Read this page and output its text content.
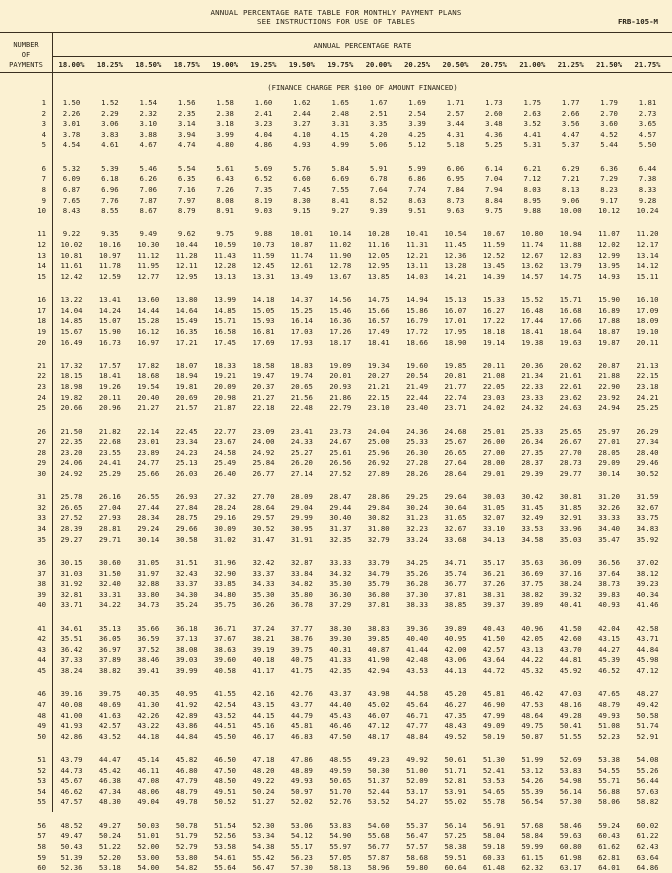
ANNUAL PERCENTAGE RATE TABLE FOR MONTHLY PAYMENT PLANS
SEE INSTRUCTIONS FOR USE OF TABLES	FRB-105-M
NUMBER
OF
PAYMENTS
ANNUAL PERCENTAGE RATE
18.00%	18.25%	18.50%	18.75%	19.00%	19.25%	19.50%	19.75%	20.00%	20.25%	20.50%	20.75%	21.00%	21.25%	21.50%	21.75%
(FINANCE CHARGE PER $100 OF AMOUNT FINANCED)
1	1.50	1.52	1.54	1.56	1.58	1.60	1.62	1.65	1.67	1.69	1.71	1.73	1.75	1.77	1.79	1.81
2	2.26	2.29	2.32	2.35	2.38	2.41	2.44	2.48	2.51	2.54	2.57	2.60	2.63	2.66	2.70	2.73
3	3.01	3.06	3.10	3.14	3.18	3.23	3.27	3.31	3.35	3.39	3.44	3.48	3.52	3.56	3.60	3.65
4	3.78	3.83	3.88	3.94	3.99	4.04	4.10	4.15	4.20	4.25	4.31	4.36	4.41	4.47	4.52	4.57
5	4.54	4.61	4.67	4.74	4.80	4.86	4.93	4.99	5.06	5.12	5.18	5.25	5.31	5.37	5.44	5.50
6	5.32	5.39	5.46	5.54	5.61	5.69	5.76	5.84	5.91	5.99	6.06	6.14	6.21	6.29	6.36	6.44
7	6.09	6.18	6.26	6.35	6.43	6.52	6.60	6.69	6.78	6.86	6.95	7.04	7.12	7.21	7.29	7.38
8	6.87	6.96	7.06	7.16	7.26	7.35	7.45	7.55	7.64	7.74	7.84	7.94	8.03	8.13	8.23	8.33
9	7.65	7.76	7.87	7.97	8.08	8.19	8.30	8.41	8.52	8.63	8.73	8.84	8.95	9.06	9.17	9.28
10	8.43	8.55	8.67	8.79	8.91	9.03	9.15	9.27	9.39	9.51	9.63	9.75	9.88	10.00	10.12	10.24
11	9.22	9.35	9.49	9.62	9.75	9.88	10.01	10.14	10.28	10.41	10.54	10.67	10.80	10.94	11.07	11.20
12	10.02	10.16	10.30	10.44	10.59	10.73	10.87	11.02	11.16	11.31	11.45	11.59	11.74	11.88	12.02	12.17
13	10.81	10.97	11.12	11.28	11.43	11.59	11.74	11.90	12.05	12.21	12.36	12.52	12.67	12.83	12.99	13.14
14	11.61	11.78	11.95	12.11	12.28	12.45	12.61	12.78	12.95	13.11	13.28	13.45	13.62	13.79	13.95	14.12
15	12.42	12.59	12.77	12.95	13.13	13.31	13.49	13.67	13.85	14.03	14.21	14.39	14.57	14.75	14.93	15.11
16	13.22	13.41	13.60	13.80	13.99	14.18	14.37	14.56	14.75	14.94	15.13	15.33	15.52	15.71	15.90	16.10
17	14.04	14.24	14.44	14.64	14.85	15.05	15.25	15.46	15.66	15.86	16.07	16.27	16.48	16.68	16.89	17.09
18	14.85	15.07	15.28	15.49	15.71	15.93	16.14	16.36	16.57	16.79	17.01	17.22	17.44	17.66	17.88	18.09
19	15.67	15.90	16.12	16.35	16.58	16.81	17.03	17.26	17.49	17.72	17.95	18.18	18.41	18.64	18.87	19.10
20	16.49	16.73	16.97	17.21	17.45	17.69	17.93	18.17	18.41	18.66	18.90	19.14	19.38	19.63	19.87	20.11
21	17.32	17.57	17.82	18.07	18.33	18.58	18.83	19.09	19.34	19.60	19.85	20.11	20.36	20.62	20.87	21.13
22	18.15	18.41	18.68	18.94	19.21	19.47	19.74	20.01	20.27	20.54	20.81	21.08	21.34	21.61	21.88	22.15
23	18.98	19.26	19.54	19.81	20.09	20.37	20.65	20.93	21.21	21.49	21.77	22.05	22.33	22.61	22.90	23.18
24	19.82	20.11	20.40	20.69	20.98	21.27	21.56	21.86	22.15	22.44	22.74	23.03	23.33	23.62	23.92	24.21
25	20.66	20.96	21.27	21.57	21.87	22.18	22.48	22.79	23.10	23.40	23.71	24.02	24.32	24.63	24.94	25.25
26	21.50	21.82	22.14	22.45	22.77	23.09	23.41	23.73	24.04	24.36	24.68	25.01	25.33	25.65	25.97	26.29
27	22.35	22.68	23.01	23.34	23.67	24.00	24.33	24.67	25.00	25.33	25.67	26.00	26.34	26.67	27.01	27.34
28	23.20	23.55	23.89	24.23	24.58	24.92	25.27	25.61	25.96	26.30	26.65	27.00	27.35	27.70	28.05	28.40
29	24.06	24.41	24.77	25.13	25.49	25.84	26.20	26.56	26.92	27.28	27.64	28.00	28.37	28.73	29.09	29.46
30	24.92	25.29	25.66	26.03	26.40	26.77	27.14	27.52	27.89	28.26	28.64	29.01	29.39	29.77	30.14	30.52
31	25.78	26.16	26.55	26.93	27.32	27.70	28.09	28.47	28.86	29.25	29.64	30.03	30.42	30.81	31.20	31.59
32	26.65	27.04	27.44	27.84	28.24	28.64	29.04	29.44	29.84	30.24	30.64	31.05	31.45	31.85	32.26	32.67
33	27.52	27.93	28.34	28.75	29.16	29.57	29.99	30.40	30.82	31.23	31.65	32.07	32.49	32.91	33.33	33.75
34	28.39	28.81	29.24	29.66	30.09	30.52	30.95	31.37	31.80	32.23	32.67	33.10	33.53	33.96	34.40	34.83
35	29.27	29.71	30.14	30.58	31.02	31.47	31.91	32.35	32.79	33.24	33.68	34.13	34.58	35.03	35.47	35.92
36	30.15	30.60	31.05	31.51	31.96	32.42	32.87	33.33	33.79	34.25	34.71	35.17	35.63	36.09	36.56	37.02
37	31.03	31.50	31.97	32.43	32.90	33.37	33.84	34.32	34.79	35.26	35.74	36.21	36.69	37.16	37.64	38.12
38	31.92	32.40	32.88	33.37	33.85	34.33	34.82	35.30	35.79	36.28	36.77	37.26	37.75	38.24	38.73	39.23
39	32.81	33.31	33.80	34.30	34.80	35.30	35.80	36.30	36.80	37.30	37.81	38.31	38.82	39.32	39.83	40.34
40	33.71	34.22	34.73	35.24	35.75	36.26	36.78	37.29	37.81	38.33	38.85	39.37	39.89	40.41	40.93	41.46
41	34.61	35.13	35.66	36.18	36.71	37.24	37.77	38.30	38.83	39.36	39.89	40.43	40.96	41.50	42.04	42.58
42	35.51	36.05	36.59	37.13	37.67	38.21	38.76	39.30	39.85	40.40	40.95	41.50	42.05	42.60	43.15	43.71
43	36.42	36.97	37.52	38.08	38.63	39.19	39.75	40.31	40.87	41.44	42.00	42.57	43.13	43.70	44.27	44.84
44	37.33	37.89	38.46	39.03	39.60	40.18	40.75	41.33	41.90	42.48	43.06	43.64	44.22	44.81	45.39	45.98
45	38.24	38.82	39.41	39.99	40.58	41.17	41.75	42.35	42.94	43.53	44.13	44.72	45.32	45.92	46.52	47.12
46	39.16	39.75	40.35	40.95	41.55	42.16	42.76	43.37	43.98	44.58	45.20	45.81	46.42	47.03	47.65	48.27
47	40.08	40.69	41.30	41.92	42.54	43.15	43.77	44.40	45.02	45.64	46.27	46.90	47.53	48.16	48.79	49.42
48	41.00	41.63	42.26	42.89	43.52	44.15	44.79	45.43	46.07	46.71	47.35	47.99	48.64	49.28	49.93	50.58
49	41.93	42.57	43.22	43.86	44.51	45.16	45.81	46.46	47.12	47.77	48.43	49.09	49.75	50.41	51.08	51.74
50	42.86	43.52	44.18	44.84	45.50	46.17	46.83	47.50	48.17	48.84	49.52	50.19	50.87	51.55	52.23	52.91
51	43.79	44.47	45.14	45.82	46.50	47.18	47.86	48.55	49.23	49.92	50.61	51.30	51.99	52.69	53.38	54.08
52	44.73	45.42	46.11	46.80	47.50	48.20	48.89	49.59	50.30	51.00	51.71	52.41	53.12	53.83	54.55	55.26
53	45.67	46.38	47.08	47.79	48.50	49.22	49.93	50.65	51.37	52.09	52.81	53.53	54.26	54.98	55.71	56.44
54	46.62	47.34	48.06	48.79	49.51	50.24	50.97	51.70	52.44	53.17	53.91	54.65	55.39	56.14	56.88	57.63
55	47.57	48.30	49.04	49.78	50.52	51.27	52.02	52.76	53.52	54.27	55.02	55.78	56.54	57.30	58.06	58.82
56	48.52	49.27	50.03	50.78	51.54	52.30	53.06	53.83	54.60	55.37	56.14	56.91	57.68	58.46	59.24	60.02
57	49.47	50.24	51.01	51.79	52.56	53.34	54.12	54.90	55.68	56.47	57.25	58.04	58.84	59.63	60.43	61.22
58	50.43	51.22	52.00	52.79	53.58	54.38	55.17	55.97	56.77	57.57	58.38	59.18	59.99	60.80	61.62	62.43
59	51.39	52.20	53.00	53.80	54.61	55.42	56.23	57.05	57.87	58.68	59.51	60.33	61.15	61.98	62.81	63.64
60	52.36	53.18	54.00	54.82	55.64	56.47	57.30	58.13	58.96	59.80	60.64	61.48	62.32	63.17	64.01	64.86
